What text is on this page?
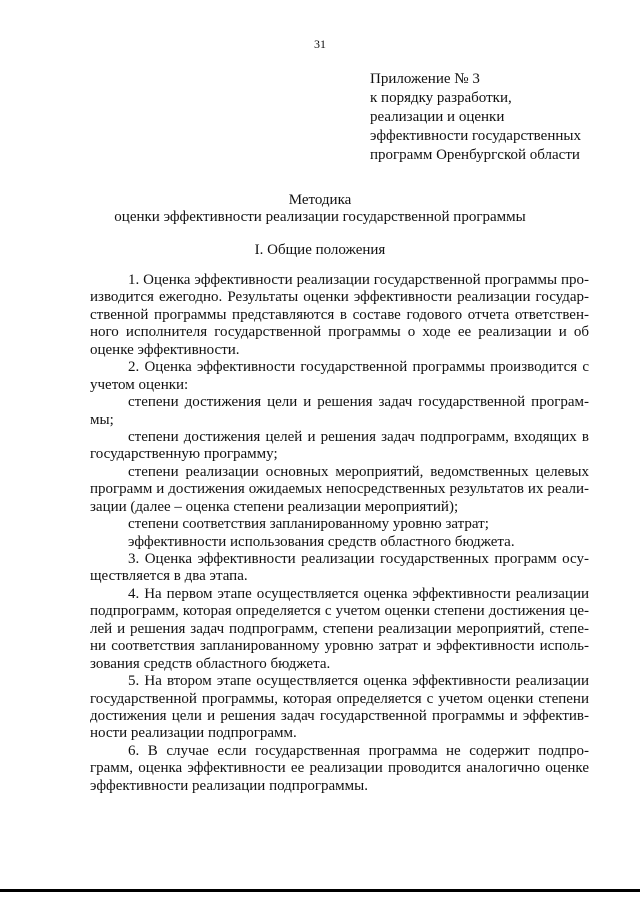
31
Приложение № 3
к порядку разработки,
реализации и оценки
эффективности государственных
программ Оренбургской области
Методика
оценки эффективности реализации государственной программы
I. Общие положения
1. Оценка эффективности реализации государственной программы про-
изводится ежегодно. Результаты оценки эффективности реализации государ-
ственной программы представляются в составе годового отчета ответствен-
ного исполнителя государственной программы о ходе ее реализации и об
оценке эффективности.
2. Оценка эффективности государственной программы производится с
учетом оценки:
степени достижения цели и решения задач государственной програм-
мы;
степени достижения целей и решения задач подпрограмм, входящих в
государственную программу;
степени реализации основных мероприятий, ведомственных целевых
программ и достижения ожидаемых непосредственных результатов их реали-
зации (далее – оценка степени реализации мероприятий);
степени соответствия запланированному уровню затрат;
эффективности использования средств областного бюджета.
3. Оценка эффективности реализации государственных программ осу-
ществляется в два этапа.
4. На первом этапе осуществляется оценка эффективности реализации
подпрограмм, которая определяется с учетом оценки степени достижения це-
лей и решения задач подпрограмм, степени реализации мероприятий, степе-
ни соответствия запланированному уровню затрат и эффективности исполь-
зования средств областного бюджета.
5. На втором этапе осуществляется оценка эффективности реализации
государственной программы, которая определяется с учетом оценки степени
достижения цели и решения задач государственной программы и эффектив-
ности реализации подпрограмм.
6. В случае если государственная программа не содержит подпро-
грамм, оценка эффективности ее реализации проводится аналогично оценке
эффективности реализации подпрограммы.
